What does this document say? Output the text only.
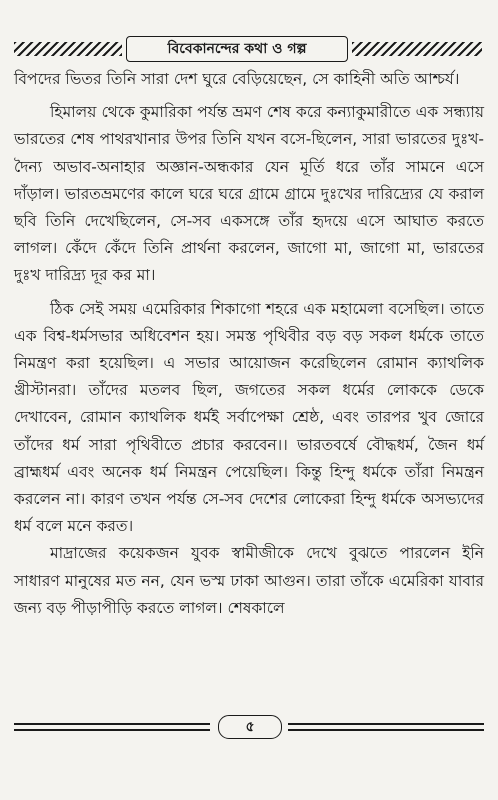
বিবেকানন্দের কথা ও গল্প

বিপদের ভিতর তিনি সারা দেশ ঘুরে বেড়িয়েছেন, সে কাহিনী অতি আশ্চর্য।

হিমালয় থেকে কুমারিকা পর্যন্ত ভ্রমণ শেষ করে কন্যাকুমারীতে এক সন্ধ্যায় ভারতের শেষ পাথরখানার উপর তিনি যখন বসে-ছিলেন, সারা ভারতের দুঃখ-দৈন্য অভাব-অনাহার অজ্ঞান-অন্ধকার যেন মূর্তি ধরে তাঁর সামনে এসে দাঁড়াল। ভারতভ্রমণের কালে ঘরে ঘরে গ্রামে গ্রামে দুঃখের দারিদ্র্যের যে করাল ছবি তিনি দেখেছিলেন, সে-সব একসঙ্গে তাঁর হৃদয়ে এসে আঘাত করতে লাগল। কেঁদে কেঁদে তিনি প্রার্থনা করলেন, জাগো মা, জাগো মা, ভারতের দুঃখ দারিদ্র্য দূর কর মা।

ঠিক সেই সময় এমেরিকার শিকাগো শহরে এক মহামেলা বসেছিল। তাতে এক বিশ্ব-ধর্মসভার অধিবেশন হয়। সমস্ত পৃথিবীর বড় বড় সকল ধর্মকে তাতে নিমন্ত্রণ করা হয়েছিল। এ সভার আয়োজন করেছিলেন রোমান ক্যাথলিক খ্রীস্টানরা। তাঁদের মতলব ছিল, জগতের সকল ধর্মের লোককে ডেকে দেখাবেন, রোমান ক্যাথলিক ধর্মই সর্বাপেক্ষা শ্রেষ্ঠ, এবং তারপর খুব জোরে তাঁদের ধর্ম সারা পৃথিবীতে প্রচার করবেন।। ভারতবর্ষে বৌদ্ধধর্ম, জৈন ধর্ম ব্রাহ্মধর্ম এবং অনেক ধর্ম নিমন্ত্রন পেয়েছিল। কিন্তু হিন্দু ধর্মকে তাঁরা নিমন্ত্রন করলেন না। কারণ তখন পর্যন্ত সে-সব দেশের লোকেরা হিন্দু ধর্মকে অসভ্যদের ধর্ম বলে মনে করত।

মাদ্রাজের কয়েকজন যুবক স্বামীজীকে দেখে বুঝতে পারলেন ইনি সাধারণ মানুষের মত নন, যেন ভস্ম ঢাকা আগুন। তারা তাঁকে এমেরিকা যাবার জন্য বড় পীড়াপীড়ি করতে লাগল। শেষকালে

৫
